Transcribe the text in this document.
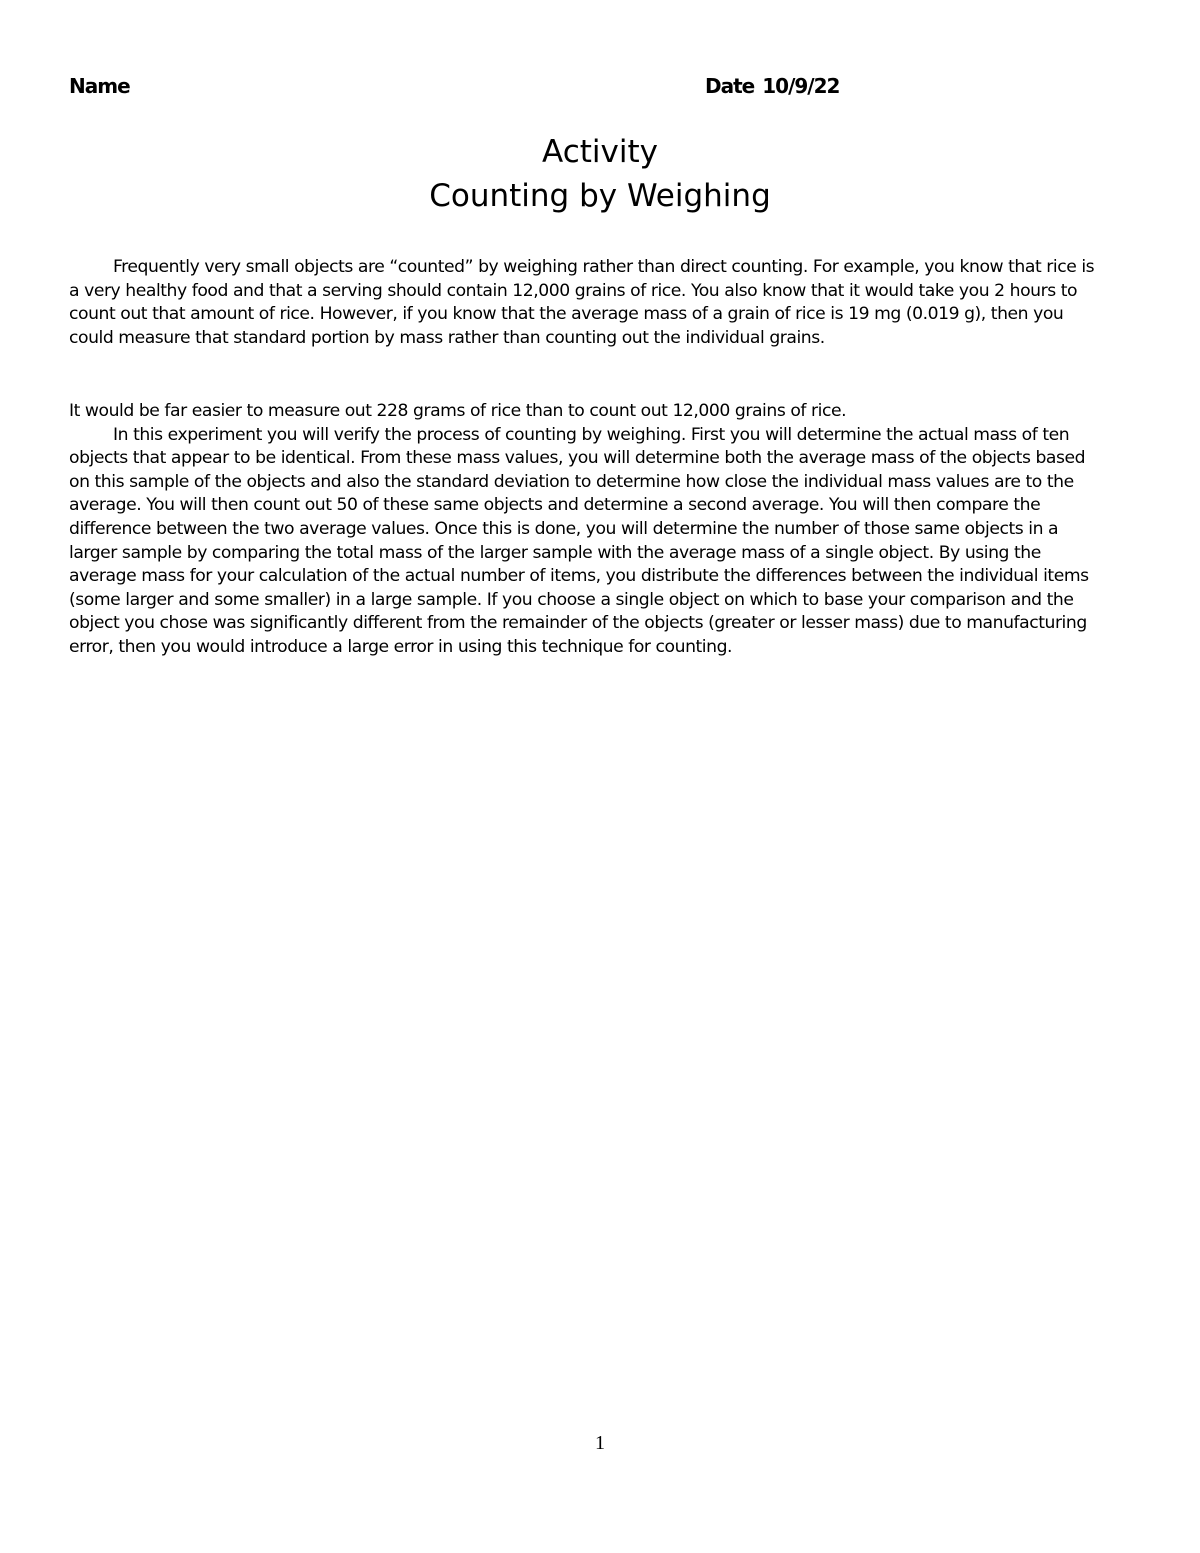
Name	Date 10/9/22
Activity
Counting by Weighing
Frequently very small objects are “counted” by weighing rather than direct counting. For example, you know that rice is
a very healthy food and that a serving should contain 12,000 grains of rice. You also know that it would take you 2 hours to
count out that amount of rice. However, if you know that the average mass of a grain of rice is 19 mg (0.019 g), then you
could measure that standard portion by mass rather than counting out the individual grains.
It would be far easier to measure out 228 grams of rice than to count out 12,000 grains of rice.
In this experiment you will verify the process of counting by weighing. First you will determine the actual mass of ten
objects that appear to be identical. From these mass values, you will determine both the average mass of the objects based
on this sample of the objects and also the standard deviation to determine how close the individual mass values are to the
average. You will then count out 50 of these same objects and determine a second average. You will then compare the
difference between the two average values. Once this is done, you will determine the number of those same objects in a
larger sample by comparing the total mass of the larger sample with the average mass of a single object. By using the
average mass for your calculation of the actual number of items, you distribute the differences between the individual items
(some larger and some smaller) in a large sample. If you choose a single object on which to base your comparison and the
object you chose was significantly different from the remainder of the objects (greater or lesser mass) due to manufacturing
error, then you would introduce a large error in using this technique for counting.
1
